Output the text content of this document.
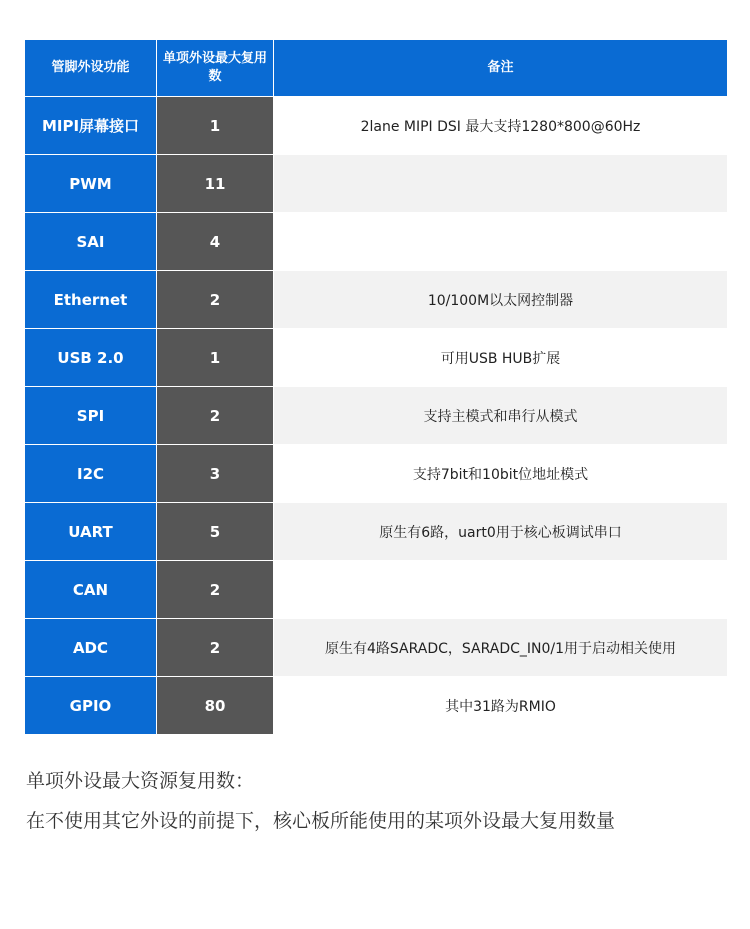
管脚外设功能	单项外设最大复用数	备注
MIPI屏幕接口	1	2lane MIPI DSI 最大支持1280*800@60Hz
PWM	11	
SAI	4	
Ethernet	2	10/100M以太网控制器
USB 2.0	1	可用USB HUB扩展
SPI	2	支持主模式和串行从模式
I2C	3	支持7bit和10bit位地址模式
UART	5	原生有6路，uart0用于核心板调试串口
CAN	2	
ADC	2	原生有4路SARADC，SARADC_IN0/1用于启动相关使用
GPIO	80	其中31路为RMIO
单项外设最大资源复用数：
在不使用其它外设的前提下，核心板所能使用的某项外设最大复用数量
